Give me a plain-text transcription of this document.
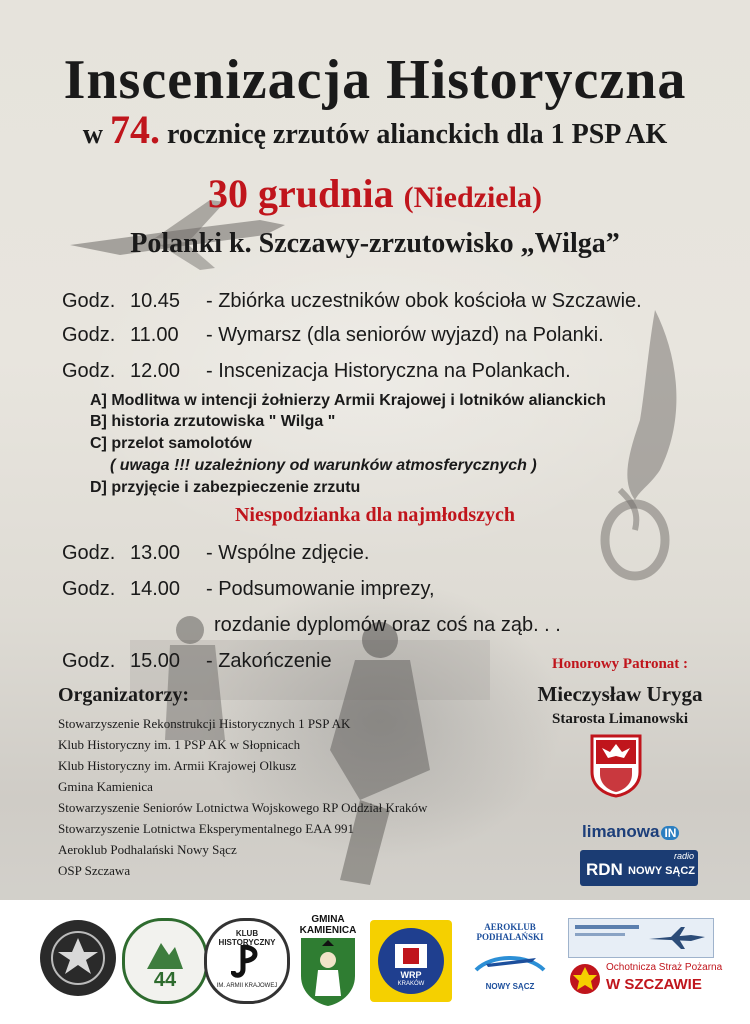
Inscenizacja Historyczna
w 74. rocznicę zrzutów alianckich dla 1 PSP AK
30 grudnia (Niedziela)
Polanki k. Szczawy-zrzutowisko „Wilga”
Godz. 10.45 - Zbiórka uczestników obok kościoła w Szczawie.
Godz. 11.00 - Wymarsz (dla seniorów wyjazd) na Polanki.
Godz. 12.00 - Inscenizacja Historyczna na Polankach.
A] Modlitwa w intencji żołnierzy Armii Krajowej i lotników alianckich
B] historia zrzutowiska " Wilga "
C] przelot samolotów
( uwaga !!! uzależniony od warunków atmosferycznych )
D] przyjęcie i zabezpieczenie zrzutu
Niespodzianka dla najmłodszych
Godz. 13.00 - Wspólne zdjęcie.
Godz. 14.00 - Podsumowanie imprezy,
rozdanie dyplomów oraz coś na ząb. . .
Godz. 15.00 - Zakończenie	Honorowy Patronat :
Mieczysław Uryga
Starosta Limanowski
Organizatorzy:
Stowarzyszenie Rekonstrukcji Historycznych 1 PSP AK
Klub Historyczny im. 1 PSP AK w Słopnicach
Klub Historyczny im. Armii Krajowej Olkusz
Gmina Kamienica
Stowarzyszenie Seniorów Lotnictwa Wojskowego RP Oddział Kraków
Stowarzyszenie Lotnictwa Eksperymentalnego EAA 991
Aeroklub Podhalański Nowy Sącz
OSP Szczawa
limanowa IN
radio
RDN NOWY SĄCZ
44
KLUB HISTORYCZNY
IM. ARMII KRAJOWEJ
GMINA
KAMIENICA
WRP
KRAKÓW
AEROKLUB PODHALAŃSKI
NOWY SĄCZ
Ochotnicza Straż Pożarna
W SZCZAWIE
